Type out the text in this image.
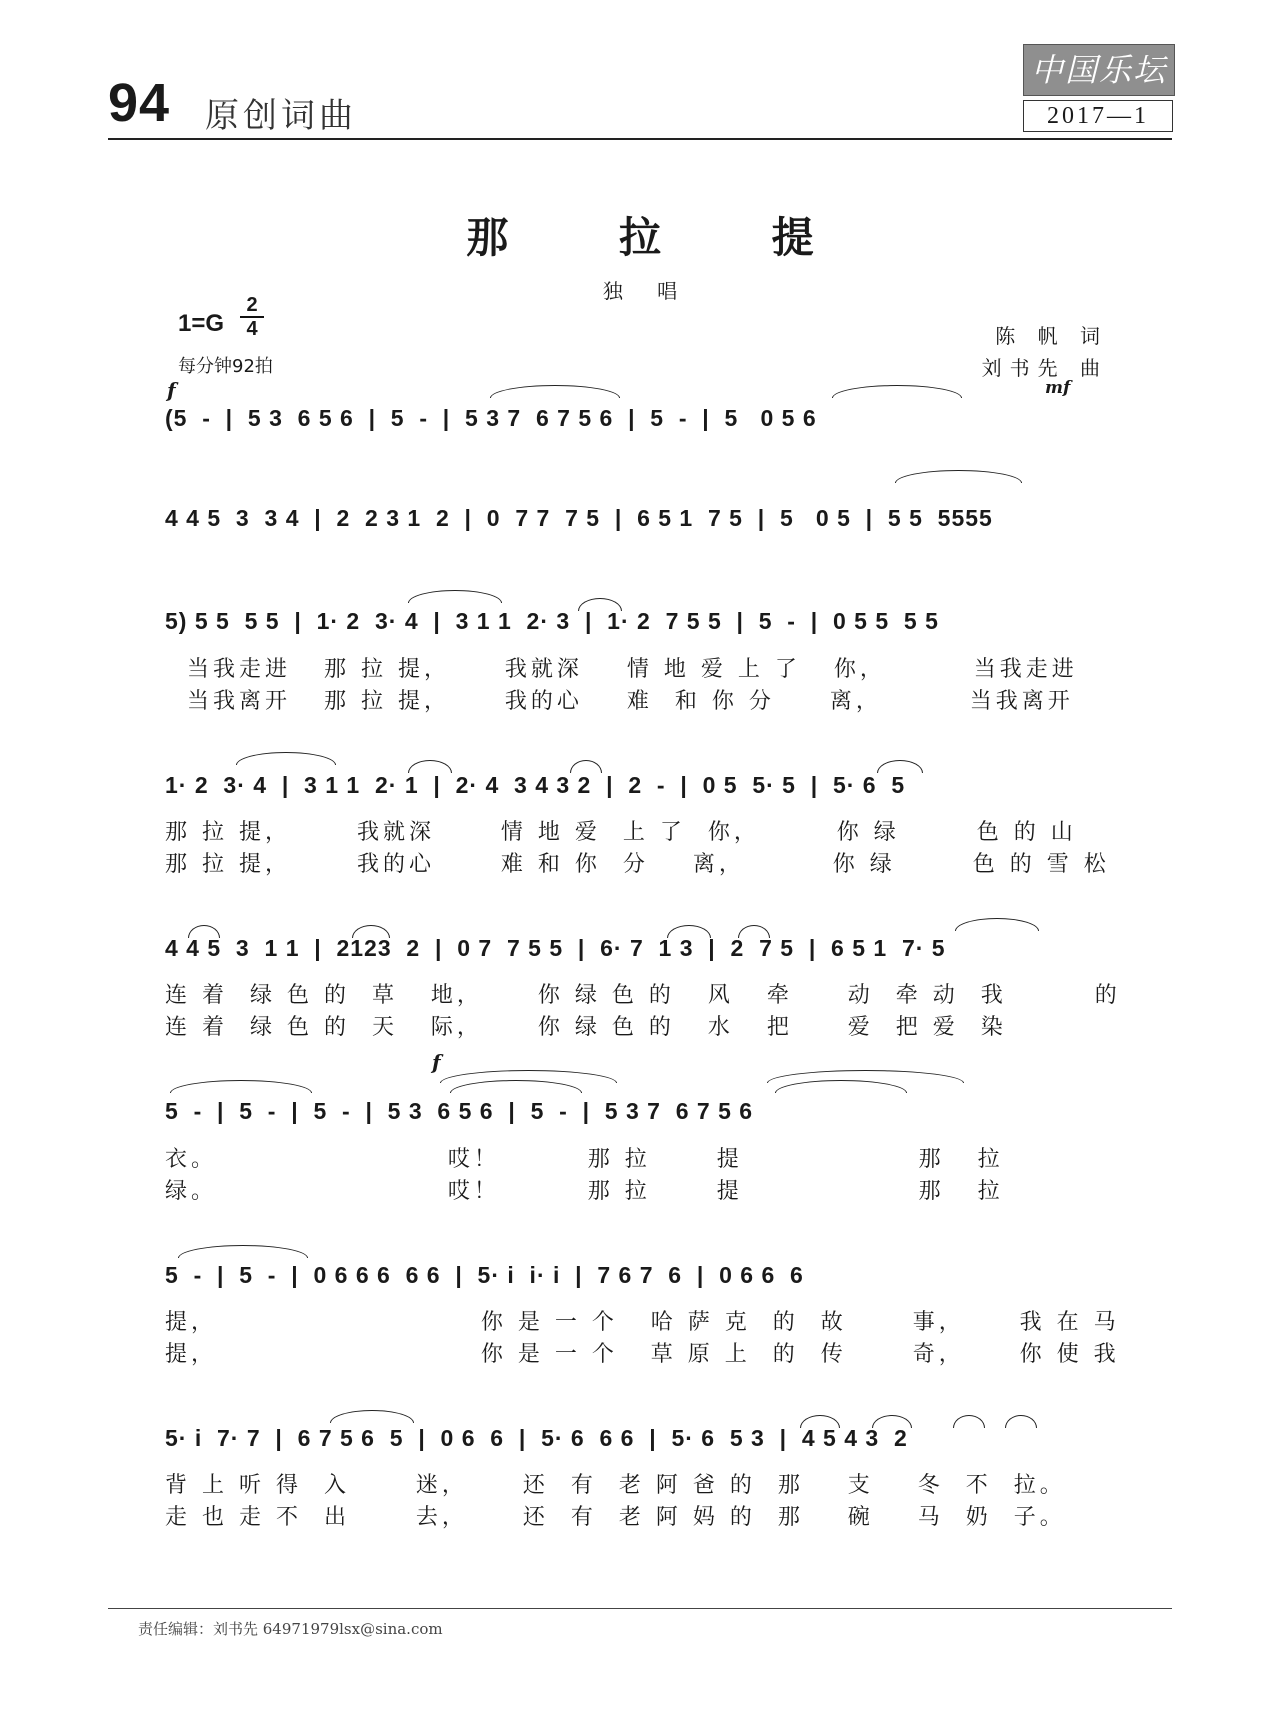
94 原创词曲
中国乐坛
2017—1
那 拉 提
独 唱
1=G
2
4
每分钟92拍
陈 帆 词
刘书先 曲
f	mf
f
(5  -  |  5 3  6 5 6  |  5  -  |  5 3 7  6 7 5 6  |  5  -  |  5   0 5 6
4 4 5  3  3 4  |  2  2 3 1  2  |  0  7 7  7 5  |  6 5 1  7 5  |  5   0 5  |  5 5  5555
5) 5 5  5 5  |  1· 2  3· 4  |  3 1 1  2· 3  |  1· 2  7 5 5  |  5  -  |  0 5 5  5 5
当我走进   那 拉 提，     我就深    情 地 爱 上 了   你，        当我走进
当我离开   那 拉 提，     我的心    难  和 你 分     离，        当我离开
1· 2  3· 4  |  3 1 1  2· 1  |  2· 4  3 4 3 2  |  2  -  |  0 5  5· 5  |  5· 6  5
那 拉 提，      我就深      情 地 爱  上 了  你，       你 绿       色 的 山
那 拉 提，      我的心      难 和 你  分    离，        你 绿       色 的 雪 松
4 4 5  3  1 1  |  2123  2  |  0 7  7 5 5  |  6· 7  1 3  |  2  7 5  |  6 5 1  7· 5
连 着  绿 色 的  草   地，     你 绿 色 的   风   牵     动  牵 动  我        的
连 着  绿 色 的  天   际，     你 绿 色 的   水   把     爱  把 爱  染
5  -  |  5  -  |  5  -  |  5 3  6 5 6  |  5  -  |  5 3 7  6 7 5 6
衣。                     哎！        那 拉      提                那   拉
绿。                     哎！        那 拉      提                那   拉
5  -  |  5  -  |  0 6 6 6  6 6  |  5· i  i· i  |  7 6 7  6  |  0 6 6  6
提，                        你 是 一 个   哈 萨 克  的  故      事，     我 在 马
提，                        你 是 一 个   草 原 上  的  传      奇，     你 使 我
5· i  7· 7  |  6 7 5 6  5  |  0 6  6  |  5· 6  6 6  |  5· 6  5 3  |  4 5 4 3  2
背 上 听 得  入      迷，     还  有  老 阿 爸 的  那    支    冬  不  拉。
走 也 走 不  出      去，     还  有  老 阿 妈 的  那    碗    马  奶  子。
责任编辑：刘书先 64971979lsx@sina.com
